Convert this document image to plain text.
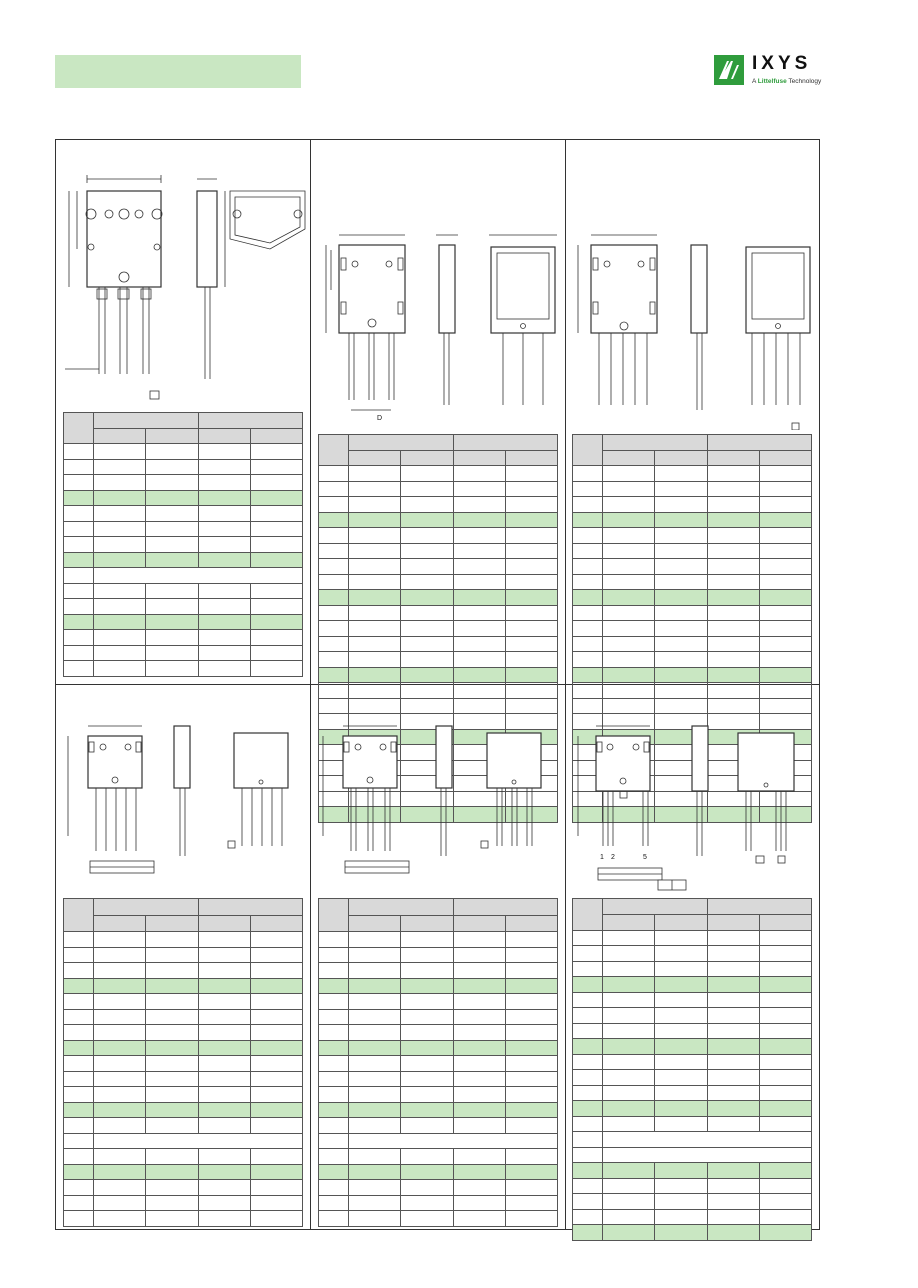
IXYS
A Littelfuse Technology

D

1 2	5
